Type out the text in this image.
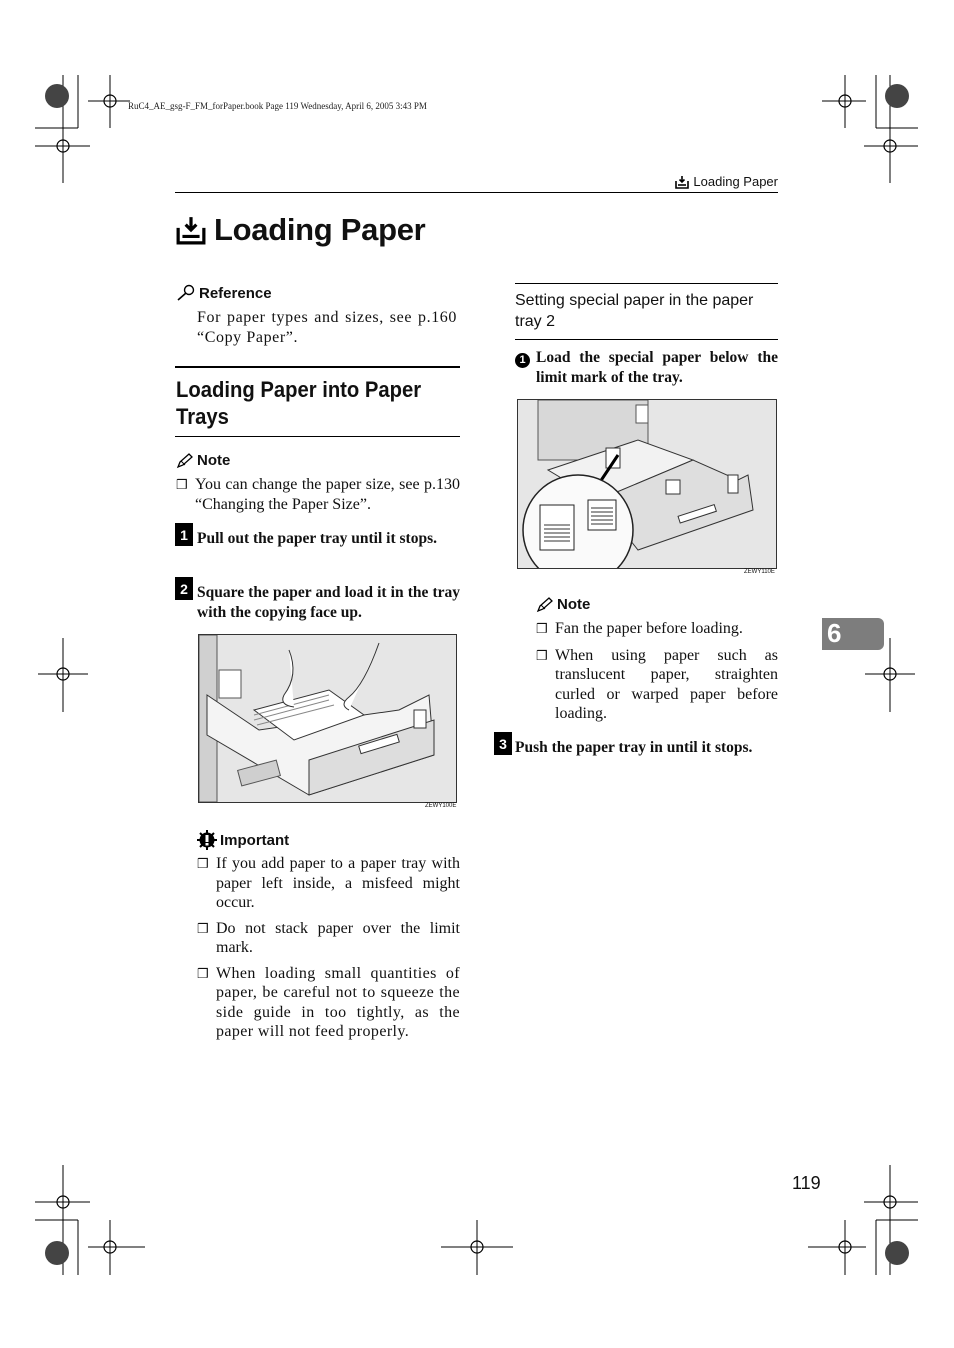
RuC4_AE_gsg-F_FM_forPaper.book Page 119 Wednesday, April 6, 2005 3:43 PM
Loading Paper
Loading Paper
Reference
For paper types and sizes, see p.160 “Copy Paper”.
Loading Paper into Paper
Trays
Note
❒ You can change the paper size, see p.130 “Changing the Paper Size”.
1 Pull out the paper tray until it stops.
2 Square the paper and load it in the tray with the copying face up.
ZEWY100E
Important
❒ If you add paper to a paper tray with paper left inside, a misfeed might occur.
❒ Do not stack paper over the limit mark.
❒ When loading small quantities of paper, be careful not to squeeze the side guide in too tightly, as the paper will not feed properly.
Setting special paper in the paper tray 2
1 Load the special paper below the limit mark of the tray.
ZEWY110E
Note
❒ Fan the paper before loading.
❒ When using paper such as translucent paper, straighten curled or warped paper before loading.
3 Push the paper tray in until it stops.
6
119
